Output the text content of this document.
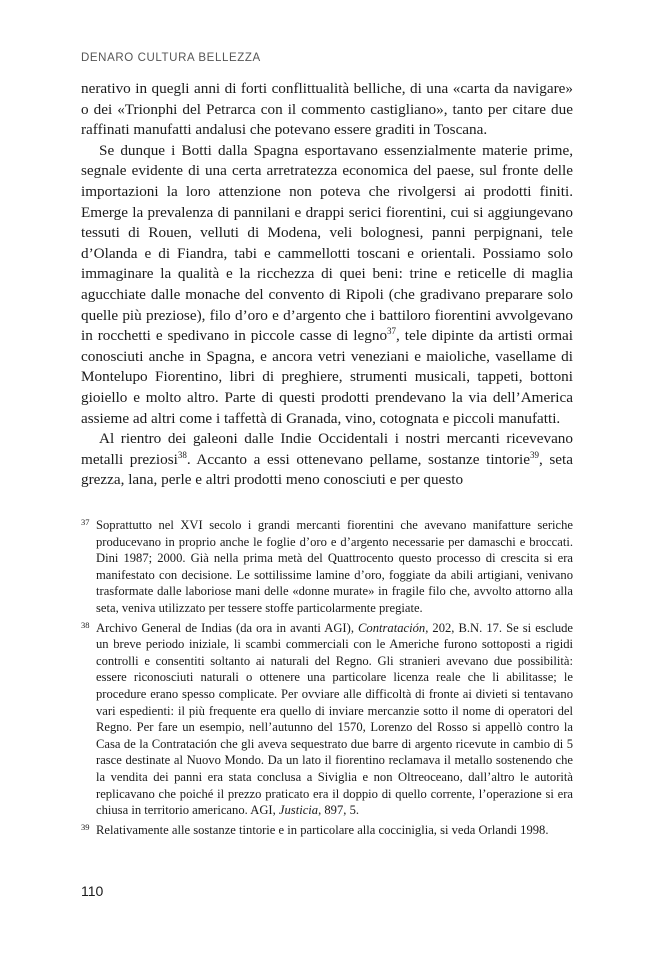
DENARO CULTURA BELLEZZA

nerativo in quegli anni di forti conflittualità belliche, di una «carta da navigare» o dei «Trionphi del Petrarca con il commento castigliano», tanto per citare due raffinati manufatti andalusi che potevano essere graditi in Toscana.

Se dunque i Botti dalla Spagna esportavano essenzialmente materie prime, segnale evidente di una certa arretratezza economica del paese, sul fronte delle importazioni la loro attenzione non poteva che rivolgersi ai prodotti finiti. Emerge la prevalenza di pannilani e drappi serici fiorentini, cui si aggiungevano tessuti di Rouen, velluti di Modena, veli bolognesi, panni perpignani, tele d’Olanda e di Fiandra, tabi e cammellotti toscani e orientali. Possiamo solo immaginare la qualità e la ricchezza di quei beni: trine e reticelle di maglia agucchiate dalle monache del convento di Ripoli (che gradivano preparare solo quelle più preziose), filo d’oro e d’argento che i battiloro fiorentini avvolgevano in rocchetti e spedivano in piccole casse di legno$^{37}$, tele dipinte da artisti ormai conosciuti anche in Spagna, e ancora vetri veneziani e maioliche, vasellame di Montelupo Fiorentino, libri di preghiere, strumenti musicali, tappeti, bottoni gioiello e molto altro. Parte di questi prodotti prendevano la via dell’America assieme ad altri come i taffettà di Granada, vino, cotognata e piccoli manufatti.

Al rientro dei galeoni dalle Indie Occidentali i nostri mercanti ricevevano metalli preziosi$^{38}$. Accanto a essi ottenevano pellame, sostanze tintorie$^{39}$, seta grezza, lana, perle e altri prodotti meno conosciuti e per questo

37 Soprattutto nel XVI secolo i grandi mercanti fiorentini che avevano manifatture seriche producevano in proprio anche le foglie d’oro e d’argento necessarie per damaschi e broccati. Dini 1987; 2000. Già nella prima metà del Quattrocento questo processo di crescita si era manifestato con decisione. Le sottilissime lamine d’oro, foggiate da abili artigiani, venivano trasformate dalle laboriose mani delle «donne murate» in fragile filo che, avvolto attorno alla seta, veniva utilizzato per tessere stoffe particolarmente pregiate.
38 Archivo General de Indias (da ora in avanti AGI), Contratación, 202, B.N. 17. Se si esclude un breve periodo iniziale, li scambi commerciali con le Americhe furono sottoposti a rigidi controlli e consentiti soltanto ai naturali del Regno. Gli stranieri avevano due possibilità: essere riconosciuti naturali o ottenere una particolare licenza reale che li abilitasse; le procedure erano spesso complicate. Per ovviare alle difficoltà di fronte ai divieti si tentavano vari espedienti: il più frequente era quello di inviare mercanzie sotto il nome di operatori del Regno. Per fare un esempio, nell’autunno del 1570, Lorenzo del Rosso si appellò contro la Casa de la Contratación che gli aveva sequestrato due barre di argento ricevute in cambio di 5 rasce destinate al Nuovo Mondo. Da un lato il fiorentino reclamava il metallo sostenendo che la vendita dei panni era stata conclusa a Siviglia e non Oltreoceano, dall’altro le autorità replicavano che poiché il prezzo praticato era il doppio di quello corrente, l’operazione si era chiusa in territorio americano. AGI, Justicia, 897, 5.
39 Relativamente alle sostanze tintorie e in particolare alla cocciniglia, si veda Orlandi 1998.
110
